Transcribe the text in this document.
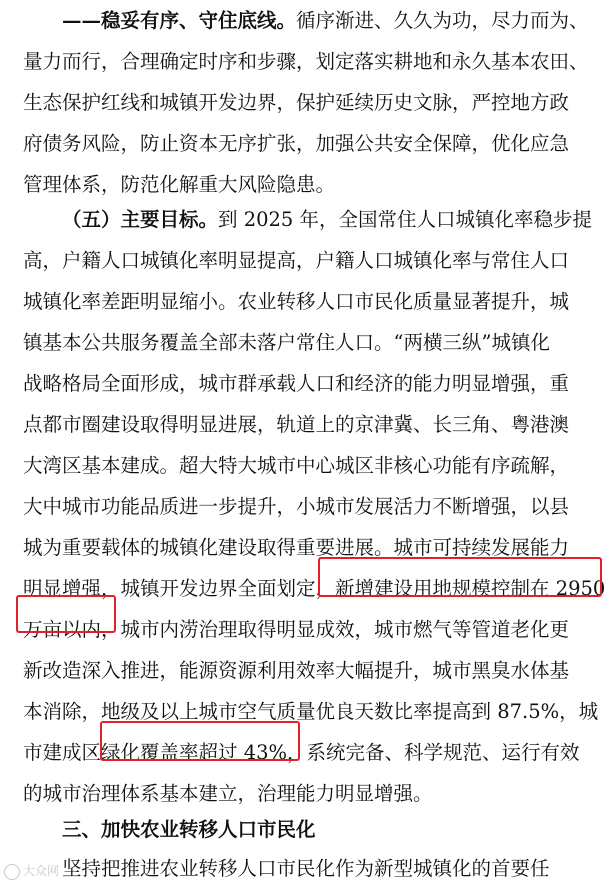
——稳妥有序、守住底线。循序渐进、久久为功，尽力而为、
量力而行，合理确定时序和步骤，划定落实耕地和永久基本农田、
生态保护红线和城镇开发边界，保护延续历史文脉，严控地方政
府债务风险，防止资本无序扩张，加强公共安全保障，优化应急
管理体系，防范化解重大风险隐患。
（五）主要目标。到 2025 年，全国常住人口城镇化率稳步提
高，户籍人口城镇化率明显提高，户籍人口城镇化率与常住人口
城镇化率差距明显缩小。农业转移人口市民化质量显著提升，城
镇基本公共服务覆盖全部未落户常住人口。“两横三纵”城镇化
战略格局全面形成，城市群承载人口和经济的能力明显增强，重
点都市圈建设取得明显进展，轨道上的京津冀、长三角、粤港澳
大湾区基本建成。超大特大城市中心城区非核心功能有序疏解，
大中城市功能品质进一步提升，小城市发展活力不断增强，以县
城为重要载体的城镇化建设取得重要进展。城市可持续发展能力
明显增强，城镇开发边界全面划定，新增建设用地规模控制在 2950
万亩以内，城市内涝治理取得明显成效，城市燃气等管道老化更
新改造深入推进，能源资源利用效率大幅提升，城市黑臭水体基
本消除，地级及以上城市空气质量优良天数比率提高到 87.5%，城
市建成区绿化覆盖率超过 43%，系统完备、科学规范、运行有效
的城市治理体系基本建立，治理能力明显增强。
三、加快农业转移人口市民化
坚持把推进农业转移人口市民化作为新型城镇化的首要任
大众网
